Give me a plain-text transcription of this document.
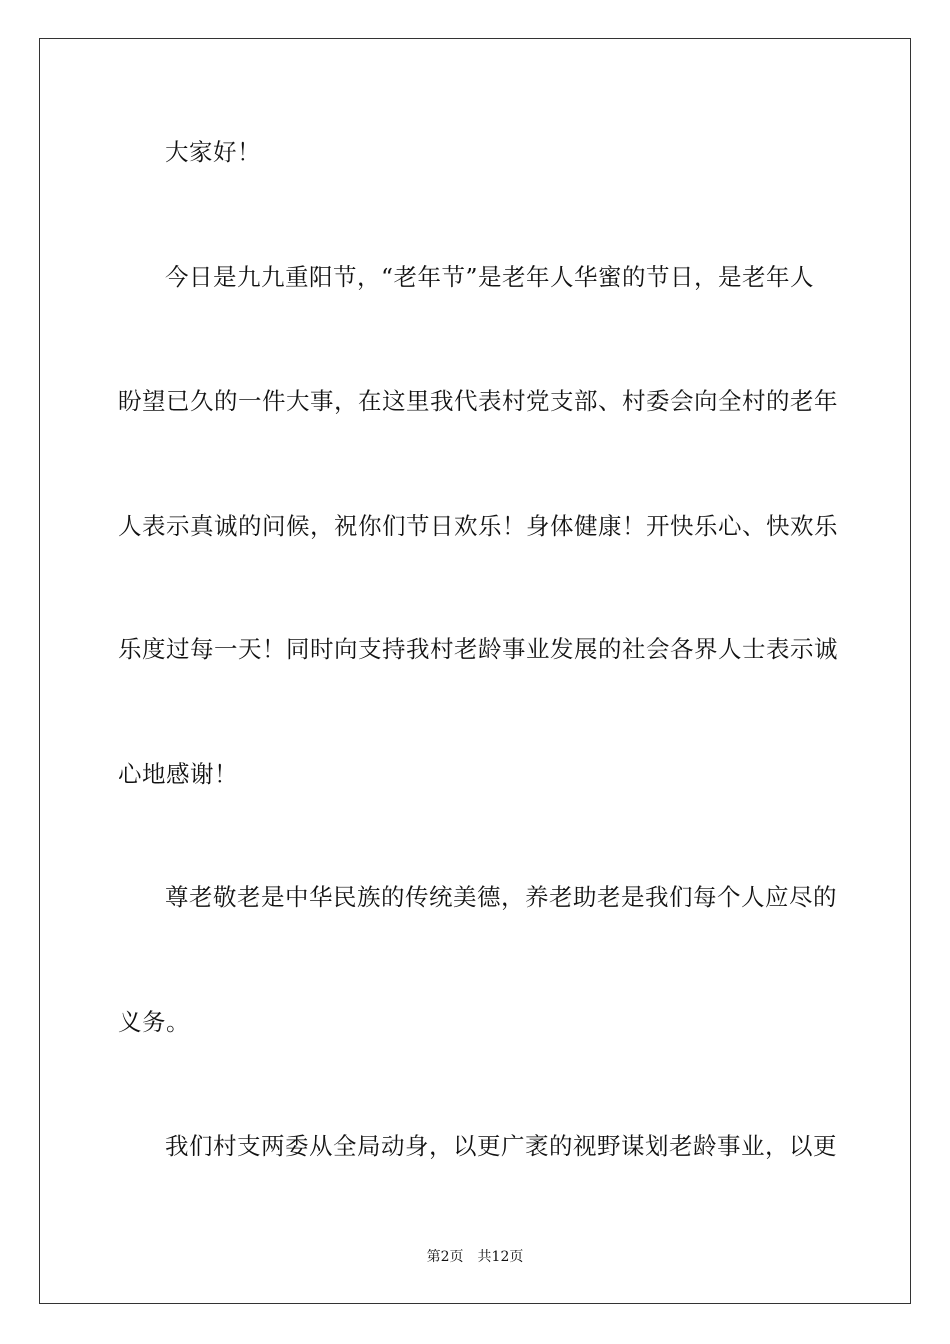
大家好！
今日是九九重阳节，“老年节”是老年人华蜜的节日，是老年人
盼望已久的一件大事，在这里我代表村党支部、村委会向全村的老年
人表示真诚的问候，祝你们节日欢乐！身体健康！开快乐心、快欢乐
乐度过每一天！同时向支持我村老龄事业发展的社会各界人士表示诚
心地感谢！
尊老敬老是中华民族的传统美德，养老助老是我们每个人应尽的
义务。
我们村支两委从全局动身，以更广袤的视野谋划老龄事业，以更
第2页 共12页
